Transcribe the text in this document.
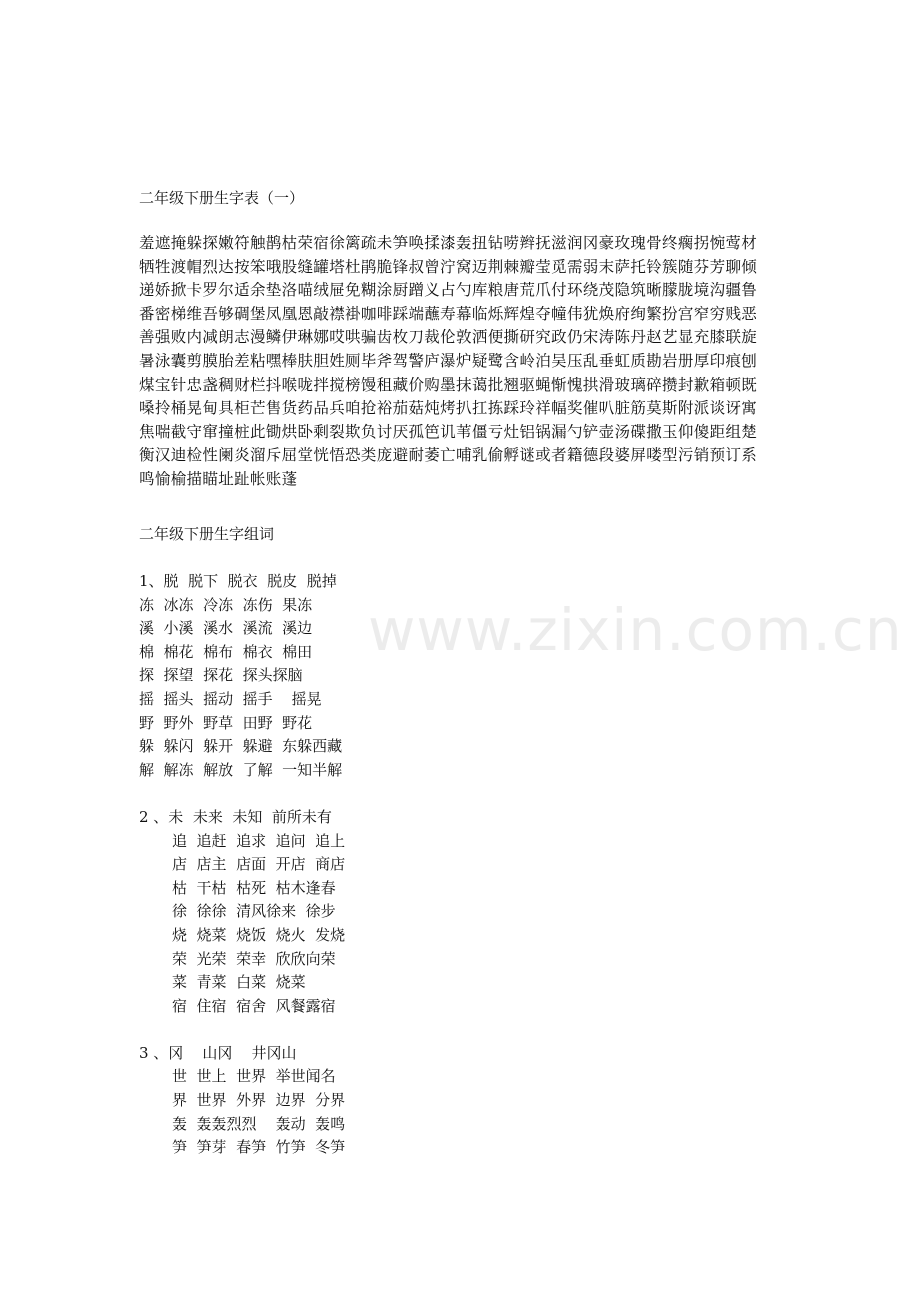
二年级下册生字表（一）
羞遮掩躲探嫩符触鹊枯荣宿徐篱疏未笋唤揉漆轰扭钻唠辫抚滋润冈豪玫瑰骨终瘸拐惋莺材
牺牲渡帽烈达按笨哦股缝罐塔杜鹃脆锋叔曾泞窝迈荆棘瓣莹觅需弱末萨托铃簇随芬芳聊倾
递娇掀卡罗尔适余垫洛喵绒屉免糊涂厨蹭义占勺库粮唐荒爪付环绕茂隐筑晰朦胧境沟疆鲁
番密梯维吾够碉堡凤凰恩敲襟褂咖啡踩端蘸寿幕临烁辉煌夺幢伟犹焕府绚繁扮宫窄穷贱恶
善强败内减朗志漫鳞伊琳娜哎哄骗齿枚刀裁伦敦洒便撕研究政仍宋涛陈丹赵艺显充膝联旋
暑泳囊剪膜胎差粘嘿棒肤胆姓厕毕斧驾警庐瀑炉疑鹭含岭泊吴压乱垂虹质勘岩册厚印痕刨
煤宝针忠盏稠财栏抖喉咙拌搅榜馒租藏价购墨抹蔼批翘驱蝇惭愧拱滑玻璃碎攒封歉箱顿既
嗓拎桶晃甸具柜芒售货药品兵咱抢裕茄菇炖烤扒扛拣踩玲祥幅奖催叭脏筋莫斯附派谈讶寓
焦喘截守窜撞桩此锄烘卧剩裂欺负讨厌孤笆讥苇僵亏灶铝锅漏勺铲壶汤碟撒玉仰傻距组楚
衡汉迪检性阑炎溜斥屈堂恍悟恐类庞避耐萎亡哺乳偷孵谜或者籍德段婆屏喽型污销预订系
鸣愉榆描瞄址趾帐账蓬
二年级下册生字组词
1、脱  脱下  脱衣  脱皮  脱掉
冻  冰冻  冷冻  冻伤  果冻
溪  小溪  溪水  溪流  溪边
棉  棉花  棉布  棉衣  棉田
探  探望  探花  探头探脑
摇  摇头  摇动  摇手    摇晃
野  野外  野草  田野  野花
躲  躲闪  躲开  躲避  东躲西藏
解  解冻  解放  了解  一知半解
2 、未  未来  未知  前所未有
追  追赶  追求  追问  追上
店  店主  店面  开店  商店
枯  干枯  枯死  枯木逢春
徐  徐徐  清风徐来  徐步
烧  烧菜  烧饭  烧火  发烧
荣  光荣  荣幸  欣欣向荣
菜  青菜  白菜  烧菜
宿  住宿  宿舍  风餐露宿
3 、冈    山冈    井冈山
世  世上  世界  举世闻名
界  世界  外界  边界  分界
轰  轰轰烈烈    轰动  轰鸣
笋  笋芽  春笋  竹笋  冬笋
www.zixin.com.cn
